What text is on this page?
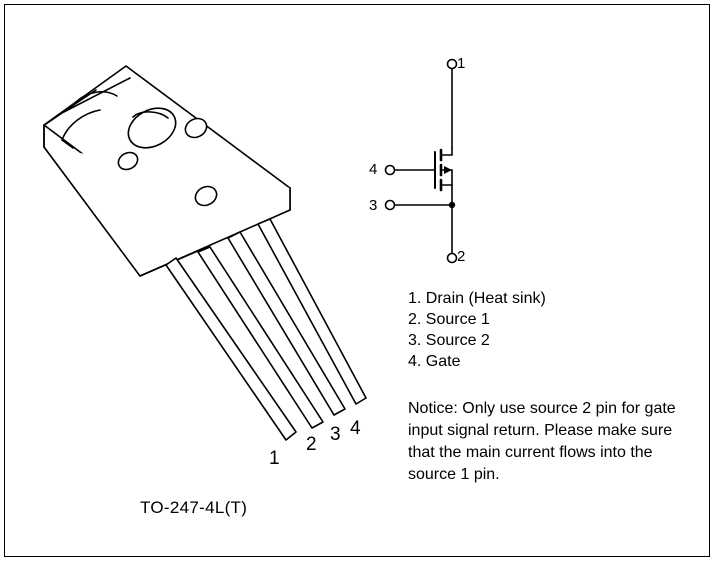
TO-247-4L(T)
1
2 3 4
1
2
4
3
1. Drain (Heat sink)
2. Source 1
3. Source 2
4. Gate
Notice: Only use source 2 pin for gate input signal return. Please make sure that the main current flows into the source 1 pin.
